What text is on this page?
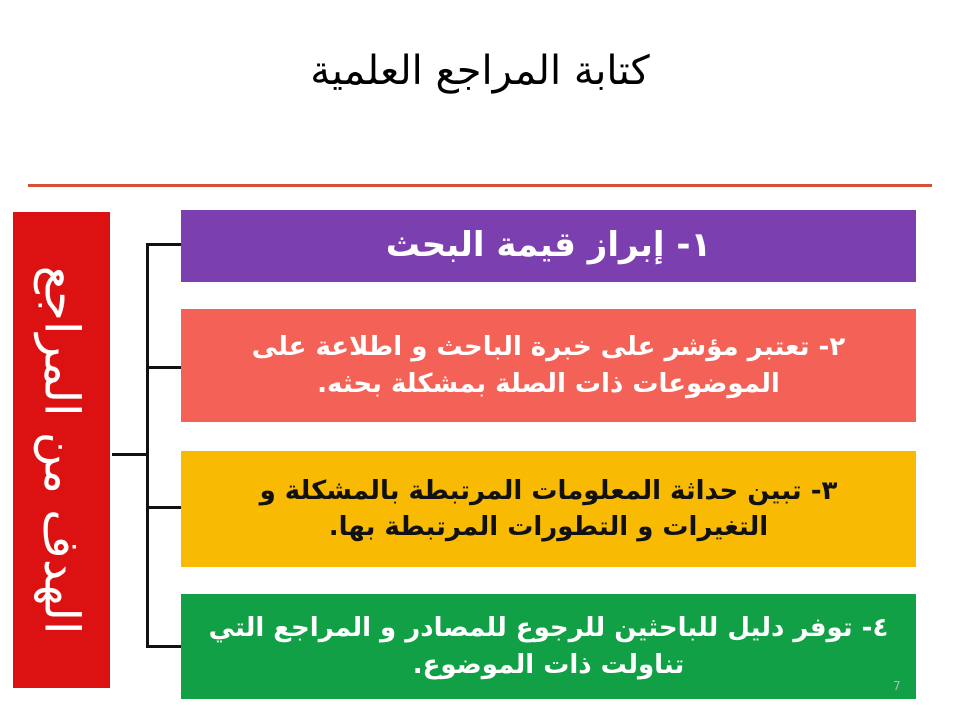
كتابة المراجع العلمية
الهدف من المراجع
١- إبراز قيمة البحث
٢- تعتبر مؤشر على خبرة الباحث و اطلاعة على الموضوعات ذات الصلة بمشكلة بحثه.
٣- تبين حداثة المعلومات المرتبطة بالمشكلة و التغيرات و التطورات المرتبطة بها.
٤- توفر دليل للباحثين للرجوع للمصادر و المراجع التي تناولت ذات الموضوع.
7
